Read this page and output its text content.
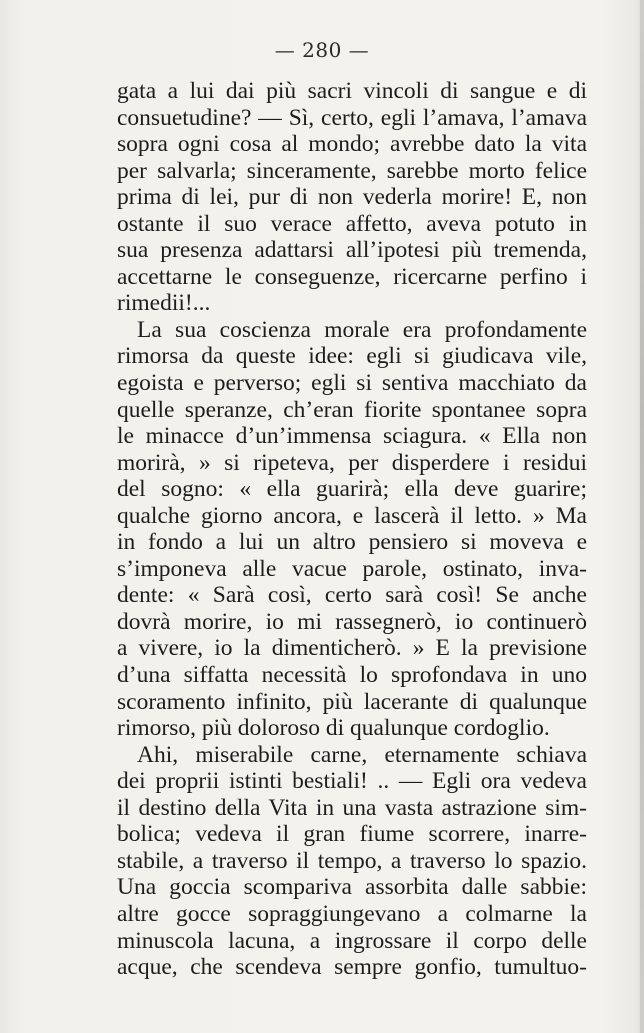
— 280 —
gata a lui dai più sacri vincoli di sangue e di
consuetudine? — Sì, certo, egli l’amava, l’amava
sopra ogni cosa al mondo; avrebbe dato la vita
per salvarla; sinceramente, sarebbe morto felice
prima di lei, pur di non vederla morire! E, non
ostante il suo verace affetto, aveva potuto in
sua presenza adattarsi all’ipotesi più tremenda,
accettarne le conseguenze, ricercarne perfino i
rimedii!...
La sua coscienza morale era profondamente
rimorsa da queste idee: egli si giudicava vile,
egoista e perverso; egli si sentiva macchiato da
quelle speranze, ch’eran fiorite spontanee sopra
le minacce d’un’immensa sciagura. « Ella non
morirà, » si ripeteva, per disperdere i residui
del sogno: « ella guarirà; ella deve guarire;
qualche giorno ancora, e lascerà il letto. » Ma
in fondo a lui un altro pensiero si moveva e
s’imponeva alle vacue parole, ostinato, inva-
dente: « Sarà così, certo sarà così! Se anche
dovrà morire, io mi rassegnerò, io continuerò
a vivere, io la dimenticherò. » E la previsione
d’una siffatta necessità lo sprofondava in uno
scoramento infinito, più lacerante di qualunque
rimorso, più doloroso di qualunque cordoglio.
Ahi, miserabile carne, eternamente schiava
dei proprii istinti bestiali! .. — Egli ora vedeva
il destino della Vita in una vasta astrazione sim-
bolica; vedeva il gran fiume scorrere, inarre-
stabile, a traverso il tempo, a traverso lo spazio.
Una goccia scompariva assorbita dalle sabbie:
altre gocce sopraggiungevano a colmarne la
minuscola lacuna, a ingrossare il corpo delle
acque, che scendeva sempre gonfio, tumultuo-
